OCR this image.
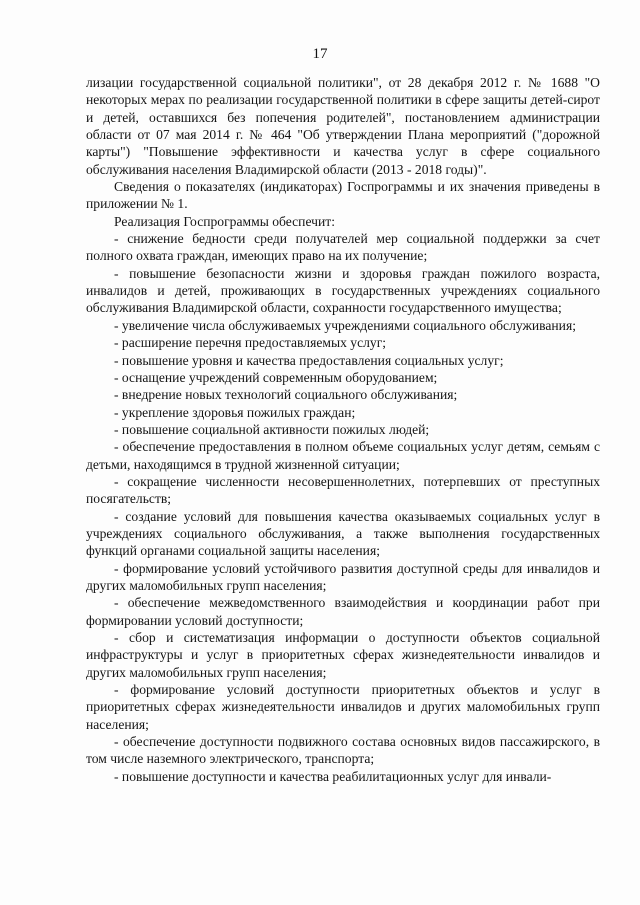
17

лизации государственной социальной политики", от 28 декабря 2012 г. № 1688 "О некоторых мерах по реализации государственной политики в сфере защиты детей-сирот и детей, оставшихся без попечения родителей", постановлением администрации области от 07 мая 2014 г. № 464 "Об утверждении Плана мероприятий ("дорожной карты") "Повышение эффективности и качества услуг в сфере социального обслуживания населения Владимирской области (2013 - 2018 годы)".

Сведения о показателях (индикаторах) Госпрограммы и их значения приведены в приложении № 1.

Реализация Госпрограммы обеспечит:

- снижение бедности среди получателей мер социальной поддержки за счет полного охвата граждан, имеющих право на их получение;

- повышение безопасности жизни и здоровья граждан пожилого возраста, инвалидов и детей, проживающих в государственных учреждениях социального обслуживания Владимирской области, сохранности государственного имущества;

- увеличение числа обслуживаемых учреждениями социального обслуживания;

- расширение перечня предоставляемых услуг;

- повышение уровня и качества предоставления социальных услуг;

- оснащение учреждений современным оборудованием;

- внедрение новых технологий социального обслуживания;

- укрепление здоровья пожилых граждан;

- повышение социальной активности пожилых людей;

- обеспечение предоставления в полном объеме социальных услуг детям, семьям с детьми, находящимся в трудной жизненной ситуации;

- сокращение численности несовершеннолетних, потерпевших от преступных посягательств;

- создание условий для повышения качества оказываемых социальных услуг в учреждениях социального обслуживания, а также выполнения государственных функций органами социальной защиты населения;

- формирование условий устойчивого развития доступной среды для инвалидов и других маломобильных групп населения;

- обеспечение межведомственного взаимодействия и координации работ при формировании условий доступности;

- сбор и систематизация информации о доступности объектов социальной инфраструктуры и услуг в приоритетных сферах жизнедеятельности инвалидов и других маломобильных групп населения;

- формирование условий доступности приоритетных объектов и услуг в приоритетных сферах жизнедеятельности инвалидов и других маломобильных групп населения;

- обеспечение доступности подвижного состава основных видов пассажирского, в том числе наземного электрического, транспорта;

- повышение доступности и качества реабилитационных услуг для инвали-
